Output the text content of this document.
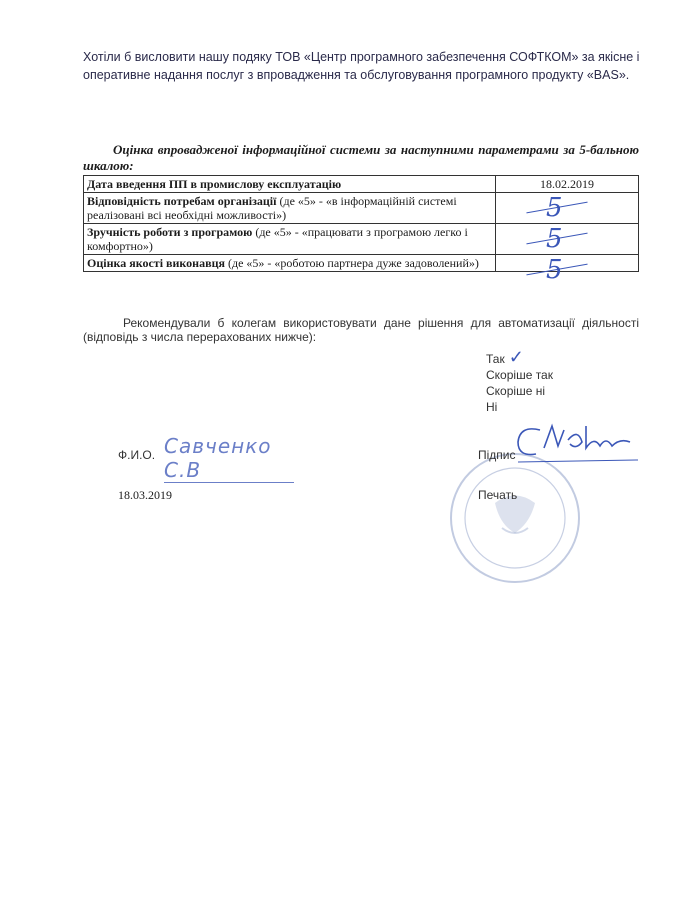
Хотіли б висловити нашу подяку ТОВ «Центр програмного забезпечення СОФТКОМ» за якісне і оперативне надання послуг з впровадження та обслуговування програмного продукту «BAS».
Оцінка впровадженої інформаційної системи за наступними параметрами за 5-бальною шкалою:
Дата введення ПП в промислову експлуатацію	18.02.2019
Відповідність потребам організації (де «5» - «в інформаційній системі реалізовані всі необхідні можливості»)	5

Зручність роботи з програмою (де «5» - «працювати з програмою легко і комфортно»)	5

Оцінка якості виконавця (де «5» - «роботою партнера дуже задоволений»)	5
Рекомендували б колегам використовувати дане рішення для автоматизації діяльності (відповідь з числа перерахованих нижче):
Так ✓
Скоріше так
Скоріше ні
Ні
Ф.И.О. Савченко С.В
18.03.2019
Підпис
Печать
